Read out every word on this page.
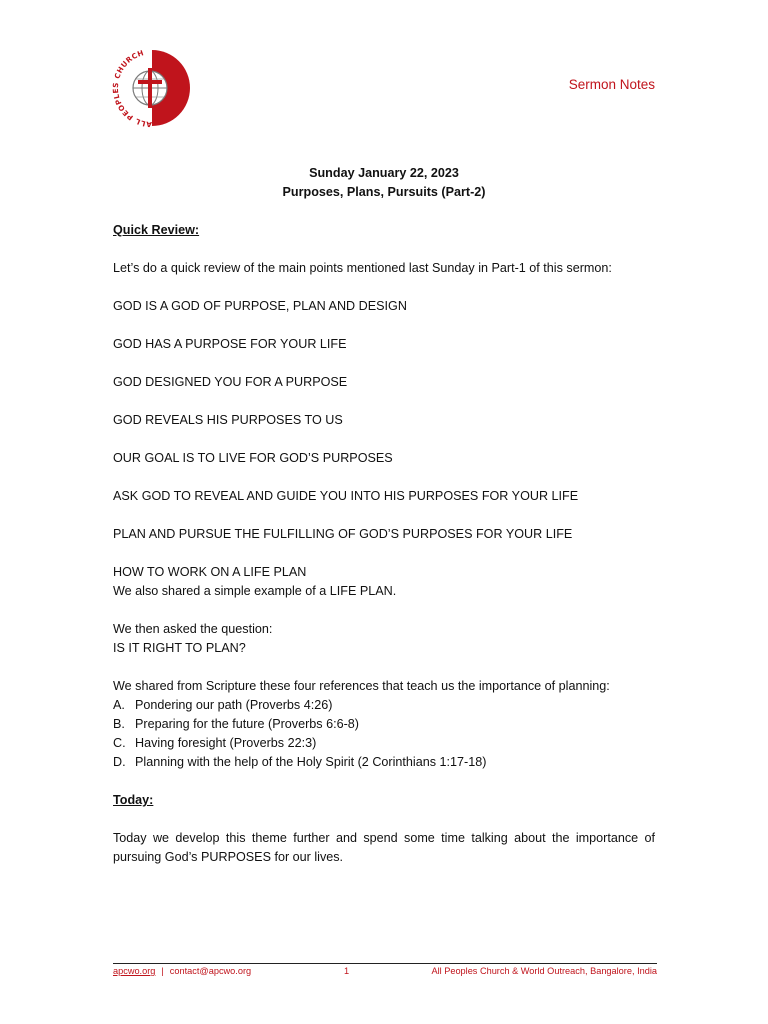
ALL PEOPLES CHURCH
Sermon Notes

Sunday January 22, 2023

Purposes, Plans, Pursuits (Part-2)

Quick Review:

Let’s do a quick review of the main points mentioned last Sunday in Part-1 of this sermon:

GOD IS A GOD OF PURPOSE, PLAN AND DESIGN

GOD HAS A PURPOSE FOR YOUR LIFE

GOD DESIGNED YOU FOR A PURPOSE

GOD REVEALS HIS PURPOSES TO US

OUR GOAL IS TO LIVE FOR GOD’S PURPOSES

ASK GOD TO REVEAL AND GUIDE YOU INTO HIS PURPOSES FOR YOUR LIFE

PLAN AND PURSUE THE FULFILLING OF GOD’S PURPOSES FOR YOUR LIFE

HOW TO WORK ON A LIFE PLAN

We also shared a simple example of a LIFE PLAN.

We then asked the question:

IS IT RIGHT TO PLAN?

We shared from Scripture these four references that teach us the importance of planning:

A. Pondering our path (Proverbs 4:26)
B. Preparing for the future (Proverbs 6:6-8)
C. Having foresight (Proverbs 22:3)
D. Planning with the help of the Holy Spirit (2 Corinthians 1:17-18)

Today:

Today we develop this theme further and spend some time talking about the importance of pursuing God’s PURPOSES for our lives.

apcwo.org | contact@apcwo.org	1	All Peoples Church & World Outreach, Bangalore, India
